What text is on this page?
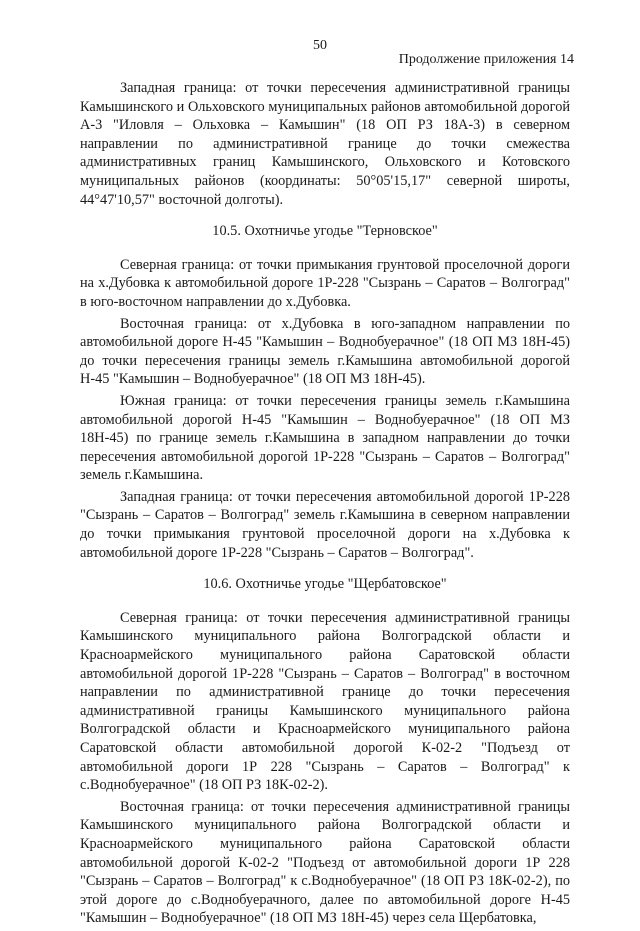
50
Продолжение приложения 14

Западная граница: от точки пересечения административной границы Камышинского и Ольховского муниципальных районов автомобильной дорогой А-3 "Иловля – Ольховка – Камышин" (18 ОП РЗ 18А-3) в северном направлении по административной границе до точки смежества административных границ Камышинского, Ольховского и Котовского муниципальных районов (координаты: 50°05'15,17" северной широты, 44°47'10,57" восточной долготы).

10.5. Охотничье угодье "Терновское"

Северная граница: от точки примыкания грунтовой проселочной дороги на х.Дубовка к автомобильной дороге 1Р-228 "Сызрань – Саратов – Волгоград" в юго-восточном направлении до х.Дубовка.

Восточная граница: от х.Дубовка в юго-западном направлении по автомобильной дороге Н-45 "Камышин – Воднобуерачное" (18 ОП МЗ 18Н-45) до точки пересечения границы земель г.Камышина автомобильной дорогой Н-45 "Камышин – Воднобуерачное" (18 ОП МЗ 18Н-45).

Южная граница: от точки пересечения границы земель г.Камышина автомобильной дорогой Н-45 "Камышин – Воднобуерачное" (18 ОП МЗ 18Н-45) по границе земель г.Камышина в западном направлении до точки пересечения автомобильной дорогой 1Р-228 "Сызрань – Саратов – Волгоград" земель г.Камышина.

Западная граница: от точки пересечения автомобильной дорогой 1Р-228 "Сызрань – Саратов – Волгоград" земель г.Камышина в северном направлении до точки примыкания грунтовой проселочной дороги на х.Дубовка к автомобильной дороге 1Р-228 "Сызрань – Саратов – Волгоград".

10.6. Охотничье угодье "Щербатовское"

Северная граница: от точки пересечения административной границы Камышинского муниципального района Волгоградской области и Красноармейского муниципального района Саратовской области автомобильной дорогой 1Р-228 "Сызрань – Саратов – Волгоград" в восточном направлении по административной границе до точки пересечения административной границы Камышинского муниципального района Волгоградской области и Красноармейского муниципального района Саратовской области автомобильной дорогой К-02-2 "Подъезд от автомобильной дороги 1Р 228 "Сызрань – Саратов – Волгоград" к с.Воднобуерачное" (18 ОП РЗ 18К-02-2).

Восточная граница: от точки пересечения административной границы Камышинского муниципального района Волгоградской области и Красноармейского муниципального района Саратовской области автомобильной дорогой К-02-2 "Подъезд от автомобильной дороги 1Р 228 "Сызрань – Саратов – Волгоград" к с.Воднобуерачное" (18 ОП РЗ 18К-02-2), по этой дороге до с.Воднобуерачного, далее по автомобильной дороге Н-45 "Камышин – Воднобуерачное" (18 ОП МЗ 18Н-45) через села Щербатовка,
